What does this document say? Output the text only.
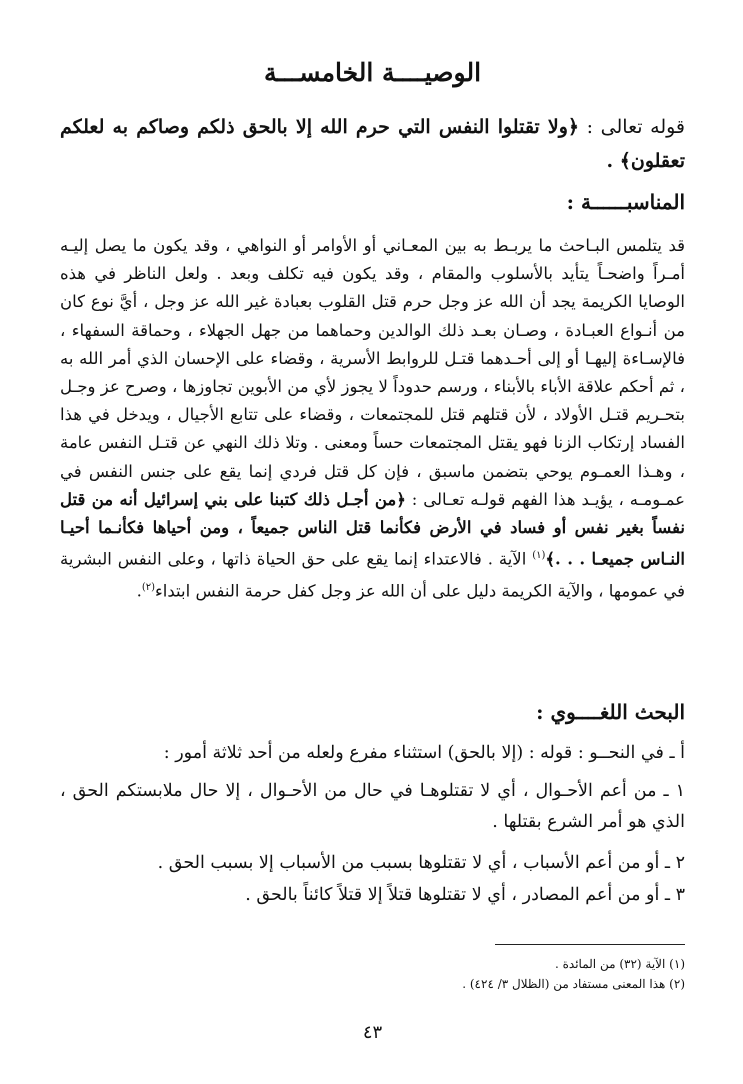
الوصيــــة الخامســـة
قوله تعالى : ﴿ولا تقتلوا النفس التي حرم الله إلا بالحق ذلكم وصاكم به لعلكم تعقلون﴾ .
المناسبــــــة :
قد يتلمس البـاحث ما يربـط به بين المعـاني أو الأوامر أو النواهي ، وقد يكون ما يصل إليـه أمـراً واضحـاً يتأيد بالأسلوب والمقام ، وقد يكون فيه تكلف وبعد . ولعل الناظر في هذه الوصايا الكريمة يجد أن الله عز وجل حرم قتل القلوب بعبادة غير الله عز وجل ، أيَّ نوع كان من أنـواع العبـادة ، وصـان بعـد ذلك الوالدين وحماهما من جهل الجهلاء ، وحماقة السفهاء ، فالإسـاءة إليهـا أو إلى أحـدهما قتـل للروابط الأسرية ، وقضاء على الإحسان الذي أمر الله به ، ثم أحكم علاقة الأباء بالأبناء ، ورسم حدوداً لا يجوز لأي من الأبوين تجاوزها ، وصرح عز وجـل بتحـريم قتـل الأولاد ، لأن قتلهم قتل للمجتمعات ، وقضاء على تتابع الأجيال ، ويدخل في هذا الفساد إرتكاب الزنا فهو يقتل المجتمعات حساً ومعنى . وتلا ذلك النهي عن قتـل النفس عامة ، وهـذا العمـوم يوحي بتضمن ماسبق ، فإن كل قتل فردي إنما يقع على جنس النفس في عمـومـه ، يؤيـد هذا الفهم قولـه تعـالى : ﴿من أجـل ذلك كتبنا على بني إسرائيل أنه من قتل نفساً بغير نفس أو فساد في الأرض فكأنما قتل الناس جميعاً ، ومن أحياها فكأنـما أحيـا النـاس جميعـا . . .﴾$^{(١)}$ الآية . فالاعتداء إنما يقع على حق الحياة ذاتها ، وعلى النفس البشرية في عمومها ، والآية الكريمة دليل على أن الله عز وجل كفل حرمة النفس ابتداء$^{(٢)}$.
البحث اللغــــوي :
أ ـ في النحــو : قوله : (إلا بالحق) استثناء مفرع ولعله من أحد ثلاثة أمور :
١ ـ من أعم الأحـوال ، أي لا تقتلوهـا في حال من الأحـوال ، إلا حال ملابستكم الحق ، الذي هو أمر الشرع بقتلها .
٢ ـ أو من أعم الأسباب ، أي لا تقتلوها بسبب من الأسباب إلا بسبب الحق .
٣ ـ أو من أعم المصادر ، أي لا تقتلوها قتلاً إلا قتلاً كائناً بالحق .
(١) الآية (٣٢) من المائدة .
(٢) هذا المعنى مستفاد من (الظلال ٣/ ٤٢٤) .
٤٣
